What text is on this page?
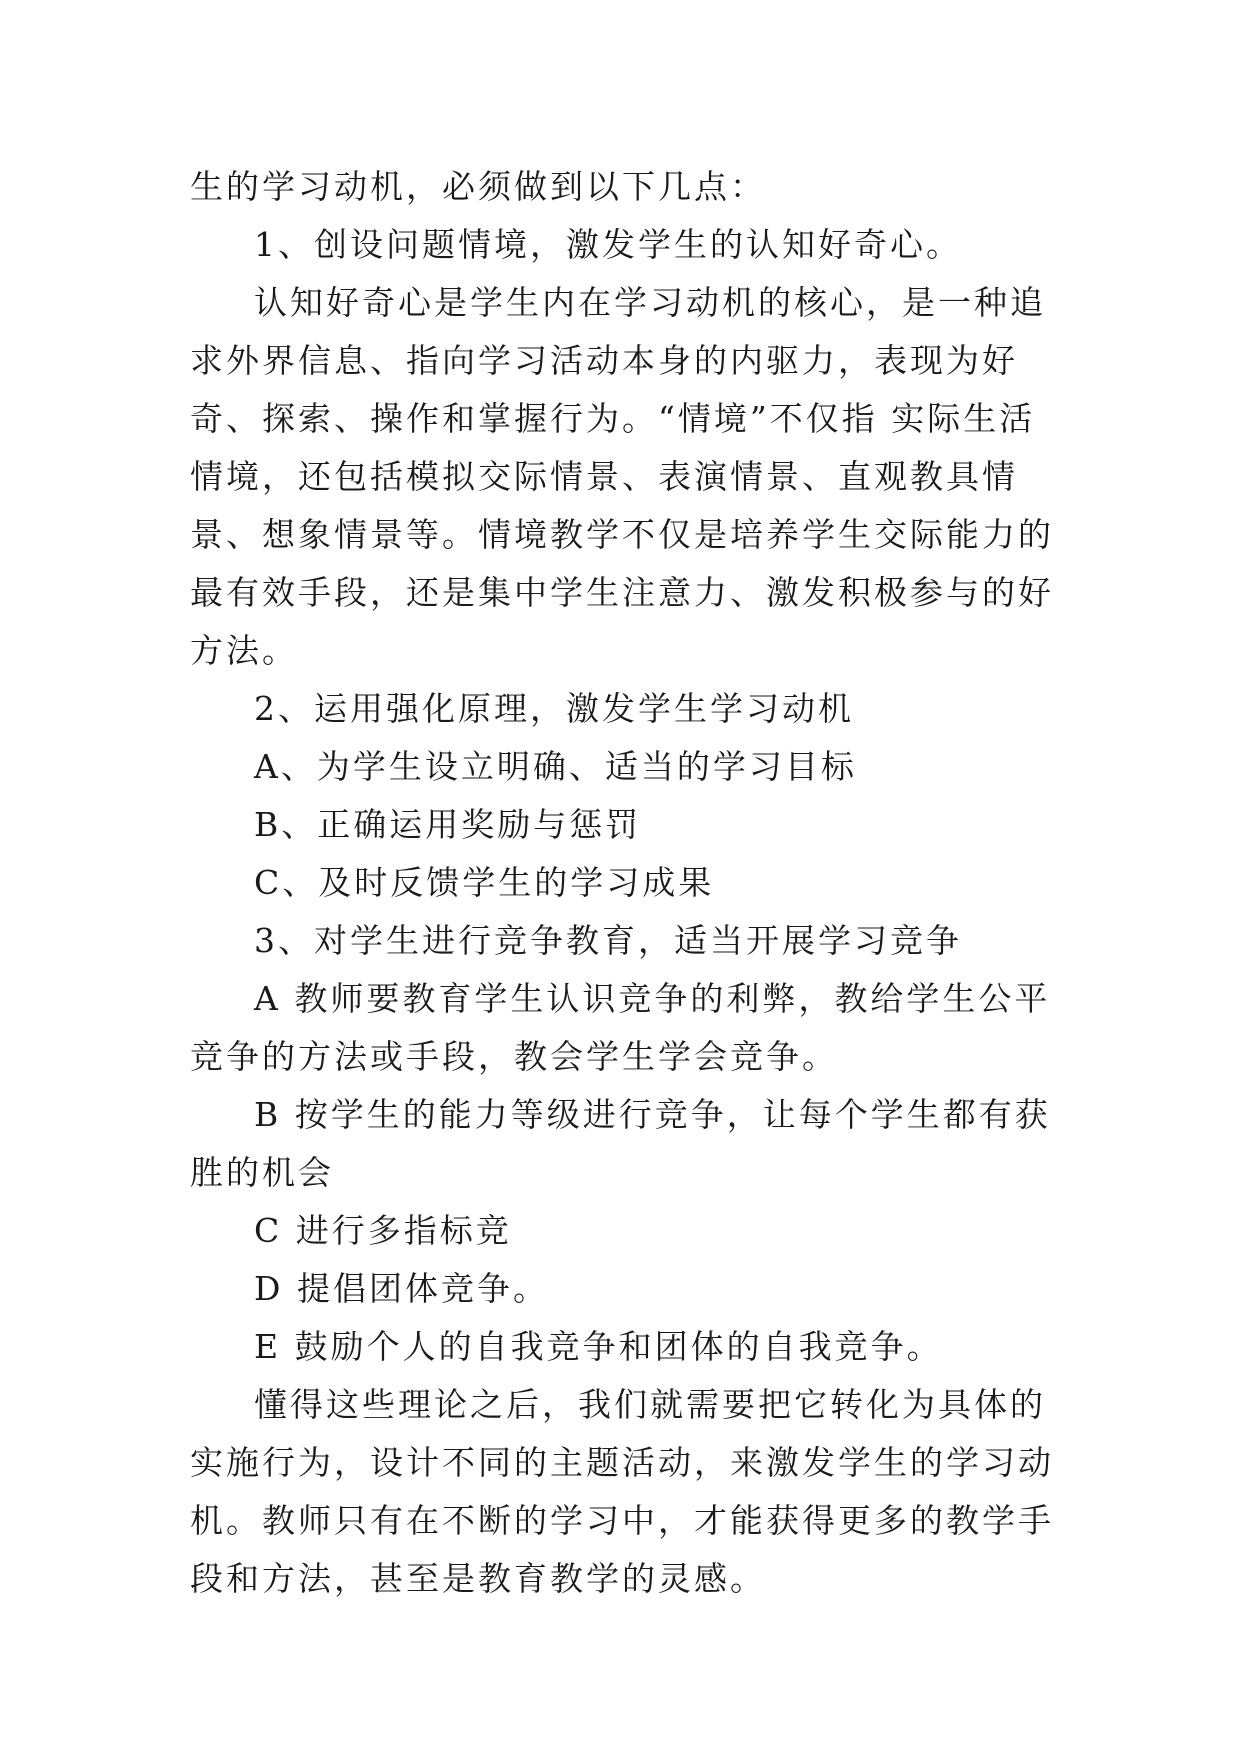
生的学习动机，必须做到以下几点：

1、创设问题情境，激发学生的认知好奇心。

认知好奇心是学生内在学习动机的核心，是一种追求外界信息、指向学习活动本身的内驱力，表现为好奇、探索、操作和掌握行为。“情境”不仅指 实际生活情境，还包括模拟交际情景、表演情景、直观教具情景、想象情景等。情境教学不仅是培养学生交际能力的最有效手段，还是集中学生注意力、激发积极参与的好方法。

2、运用强化原理，激发学生学习动机

A、为学生设立明确、适当的学习目标

B、正确运用奖励与惩罚

C、及时反馈学生的学习成果

3、对学生进行竞争教育，适当开展学习竞争

A 教师要教育学生认识竞争的利弊，教给学生公平竞争的方法或手段，教会学生学会竞争。

B 按学生的能力等级进行竞争，让每个学生都有获胜的机会

C 进行多指标竞

D 提倡团体竞争。

E 鼓励个人的自我竞争和团体的自我竞争。

懂得这些理论之后，我们就需要把它转化为具体的实施行为，设计不同的主题活动，来激发学生的学习动机。教师只有在不断的学习中，才能获得更多的教学手段和方法，甚至是教育教学的灵感。
